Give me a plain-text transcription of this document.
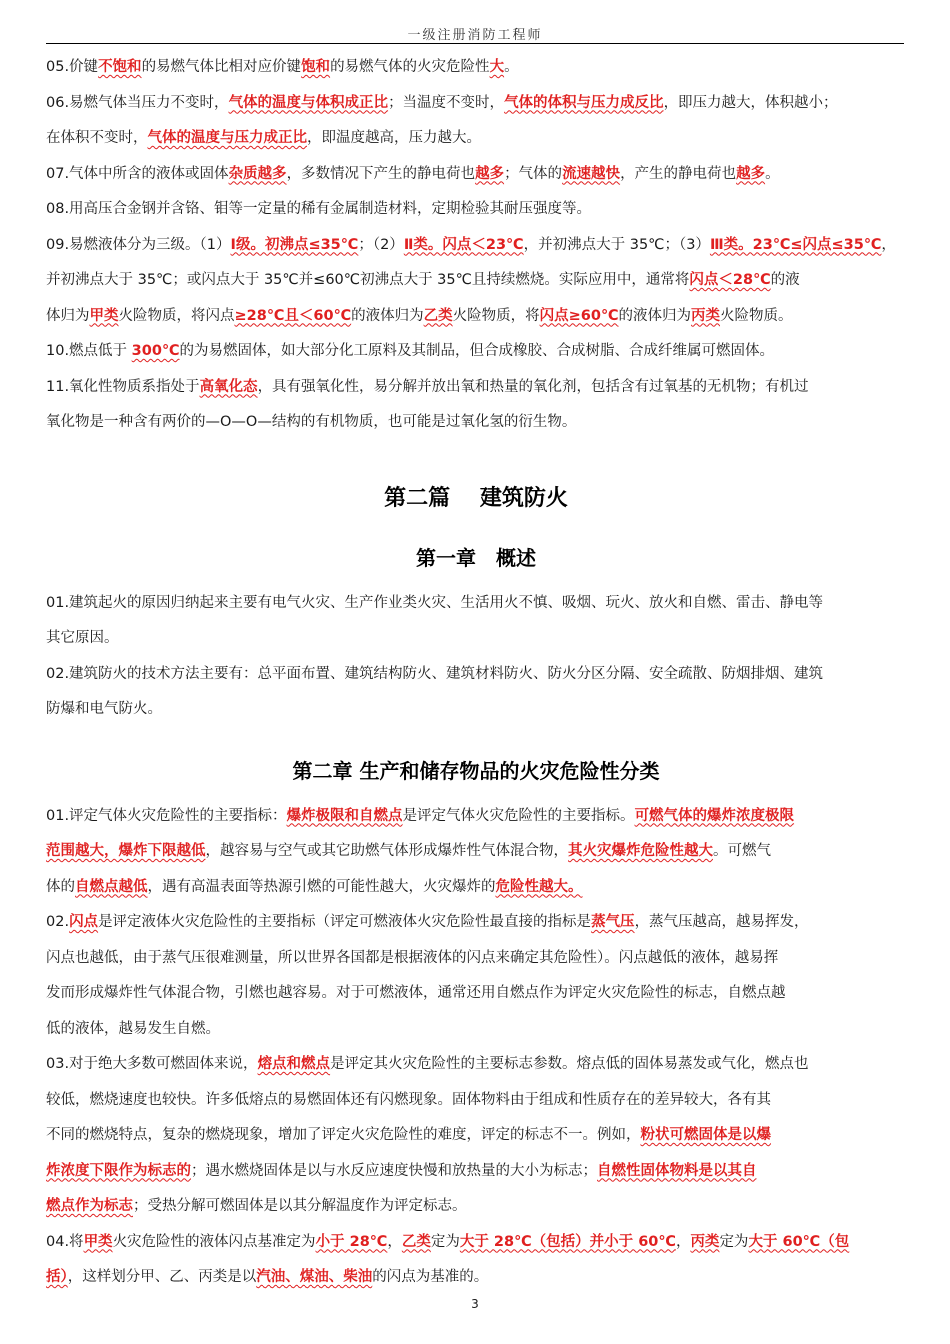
一级注册消防工程师
05.价键不饱和的易燃气体比相对应价键饱和的易燃气体的火灾危险性大。
06.易燃气体当压力不变时，气体的温度与体积成正比；当温度不变时，气体的体积与压力成反比，即压力越大，体积越小；
在体积不变时，气体的温度与压力成正比，即温度越高，压力越大。
07.气体中所含的液体或固体杂质越多，多数情况下产生的静电荷也越多；气体的流速越快，产生的静电荷也越多。
08.用高压合金钢并含铬、钼等一定量的稀有金属制造材料，定期检验其耐压强度等。
09.易燃液体分为三级。（1）Ⅰ级。初沸点≤35℃；（2）Ⅱ类。闪点＜23℃，并初沸点大于 35℃；（3）Ⅲ类。23℃≤闪点≤35℃，
并初沸点大于 35℃；或闪点大于 35℃并≤60℃初沸点大于 35℃且持续燃烧。实际应用中，通常将闪点＜28℃的液
体归为甲类火险物质，将闪点≥28℃且＜60℃的液体归为乙类火险物质，将闪点≥60℃的液体归为丙类火险物质。
10.燃点低于 300℃的为易燃固体，如大部分化工原料及其制品，但合成橡胶、合成树脂、合成纤维属可燃固体。
11.氧化性物质系指处于高氧化态，具有强氧化性，易分解并放出氧和热量的氧化剂，包括含有过氧基的无机物；有机过
氧化物是一种含有两价的—O—O—结构的有机物质，也可能是过氧化氢的衍生物。
第二篇　 建筑防火
第一章　概述
01.建筑起火的原因归纳起来主要有电气火灾、生产作业类火灾、生活用火不慎、吸烟、玩火、放火和自燃、雷击、静电等
其它原因。
02.建筑防火的技术方法主要有：总平面布置、建筑结构防火、建筑材料防火、防火分区分隔、安全疏散、防烟排烟、建筑
防爆和电气防火。
第二章 生产和储存物品的火灾危险性分类
01.评定气体火灾危险性的主要指标：爆炸极限和自燃点是评定气体火灾危险性的主要指标。可燃气体的爆炸浓度极限
范围越大，爆炸下限越低，越容易与空气或其它助燃气体形成爆炸性气体混合物，其火灾爆炸危险性越大。可燃气
体的自燃点越低，遇有高温表面等热源引燃的可能性越大，火灾爆炸的危险性越大。
02.闪点是评定液体火灾危险性的主要指标（评定可燃液体火灾危险性最直接的指标是蒸气压，蒸气压越高，越易挥发，
闪点也越低，由于蒸气压很难测量，所以世界各国都是根据液体的闪点来确定其危险性）。闪点越低的液体，越易挥
发而形成爆炸性气体混合物，引燃也越容易。对于可燃液体，通常还用自燃点作为评定火灾危险性的标志，自燃点越
低的液体，越易发生自燃。
03.对于绝大多数可燃固体来说，熔点和燃点是评定其火灾危险性的主要标志参数。熔点低的固体易蒸发或气化，燃点也
较低，燃烧速度也较快。许多低熔点的易燃固体还有闪燃现象。固体物料由于组成和性质存在的差异较大，各有其
不同的燃烧特点，复杂的燃烧现象，增加了评定火灾危险性的难度，评定的标志不一。例如，粉状可燃固体是以爆
炸浓度下限作为标志的；遇水燃烧固体是以与水反应速度快慢和放热量的大小为标志；自燃性固体物料是以其自
燃点作为标志；受热分解可燃固体是以其分解温度作为评定标志。
04.将甲类火灾危险性的液体闪点基准定为小于 28℃，乙类定为大于 28℃（包括）并小于 60℃，丙类定为大于 60℃（包
括），这样划分甲、乙、丙类是以汽油、煤油、柴油的闪点为基准的。
3
